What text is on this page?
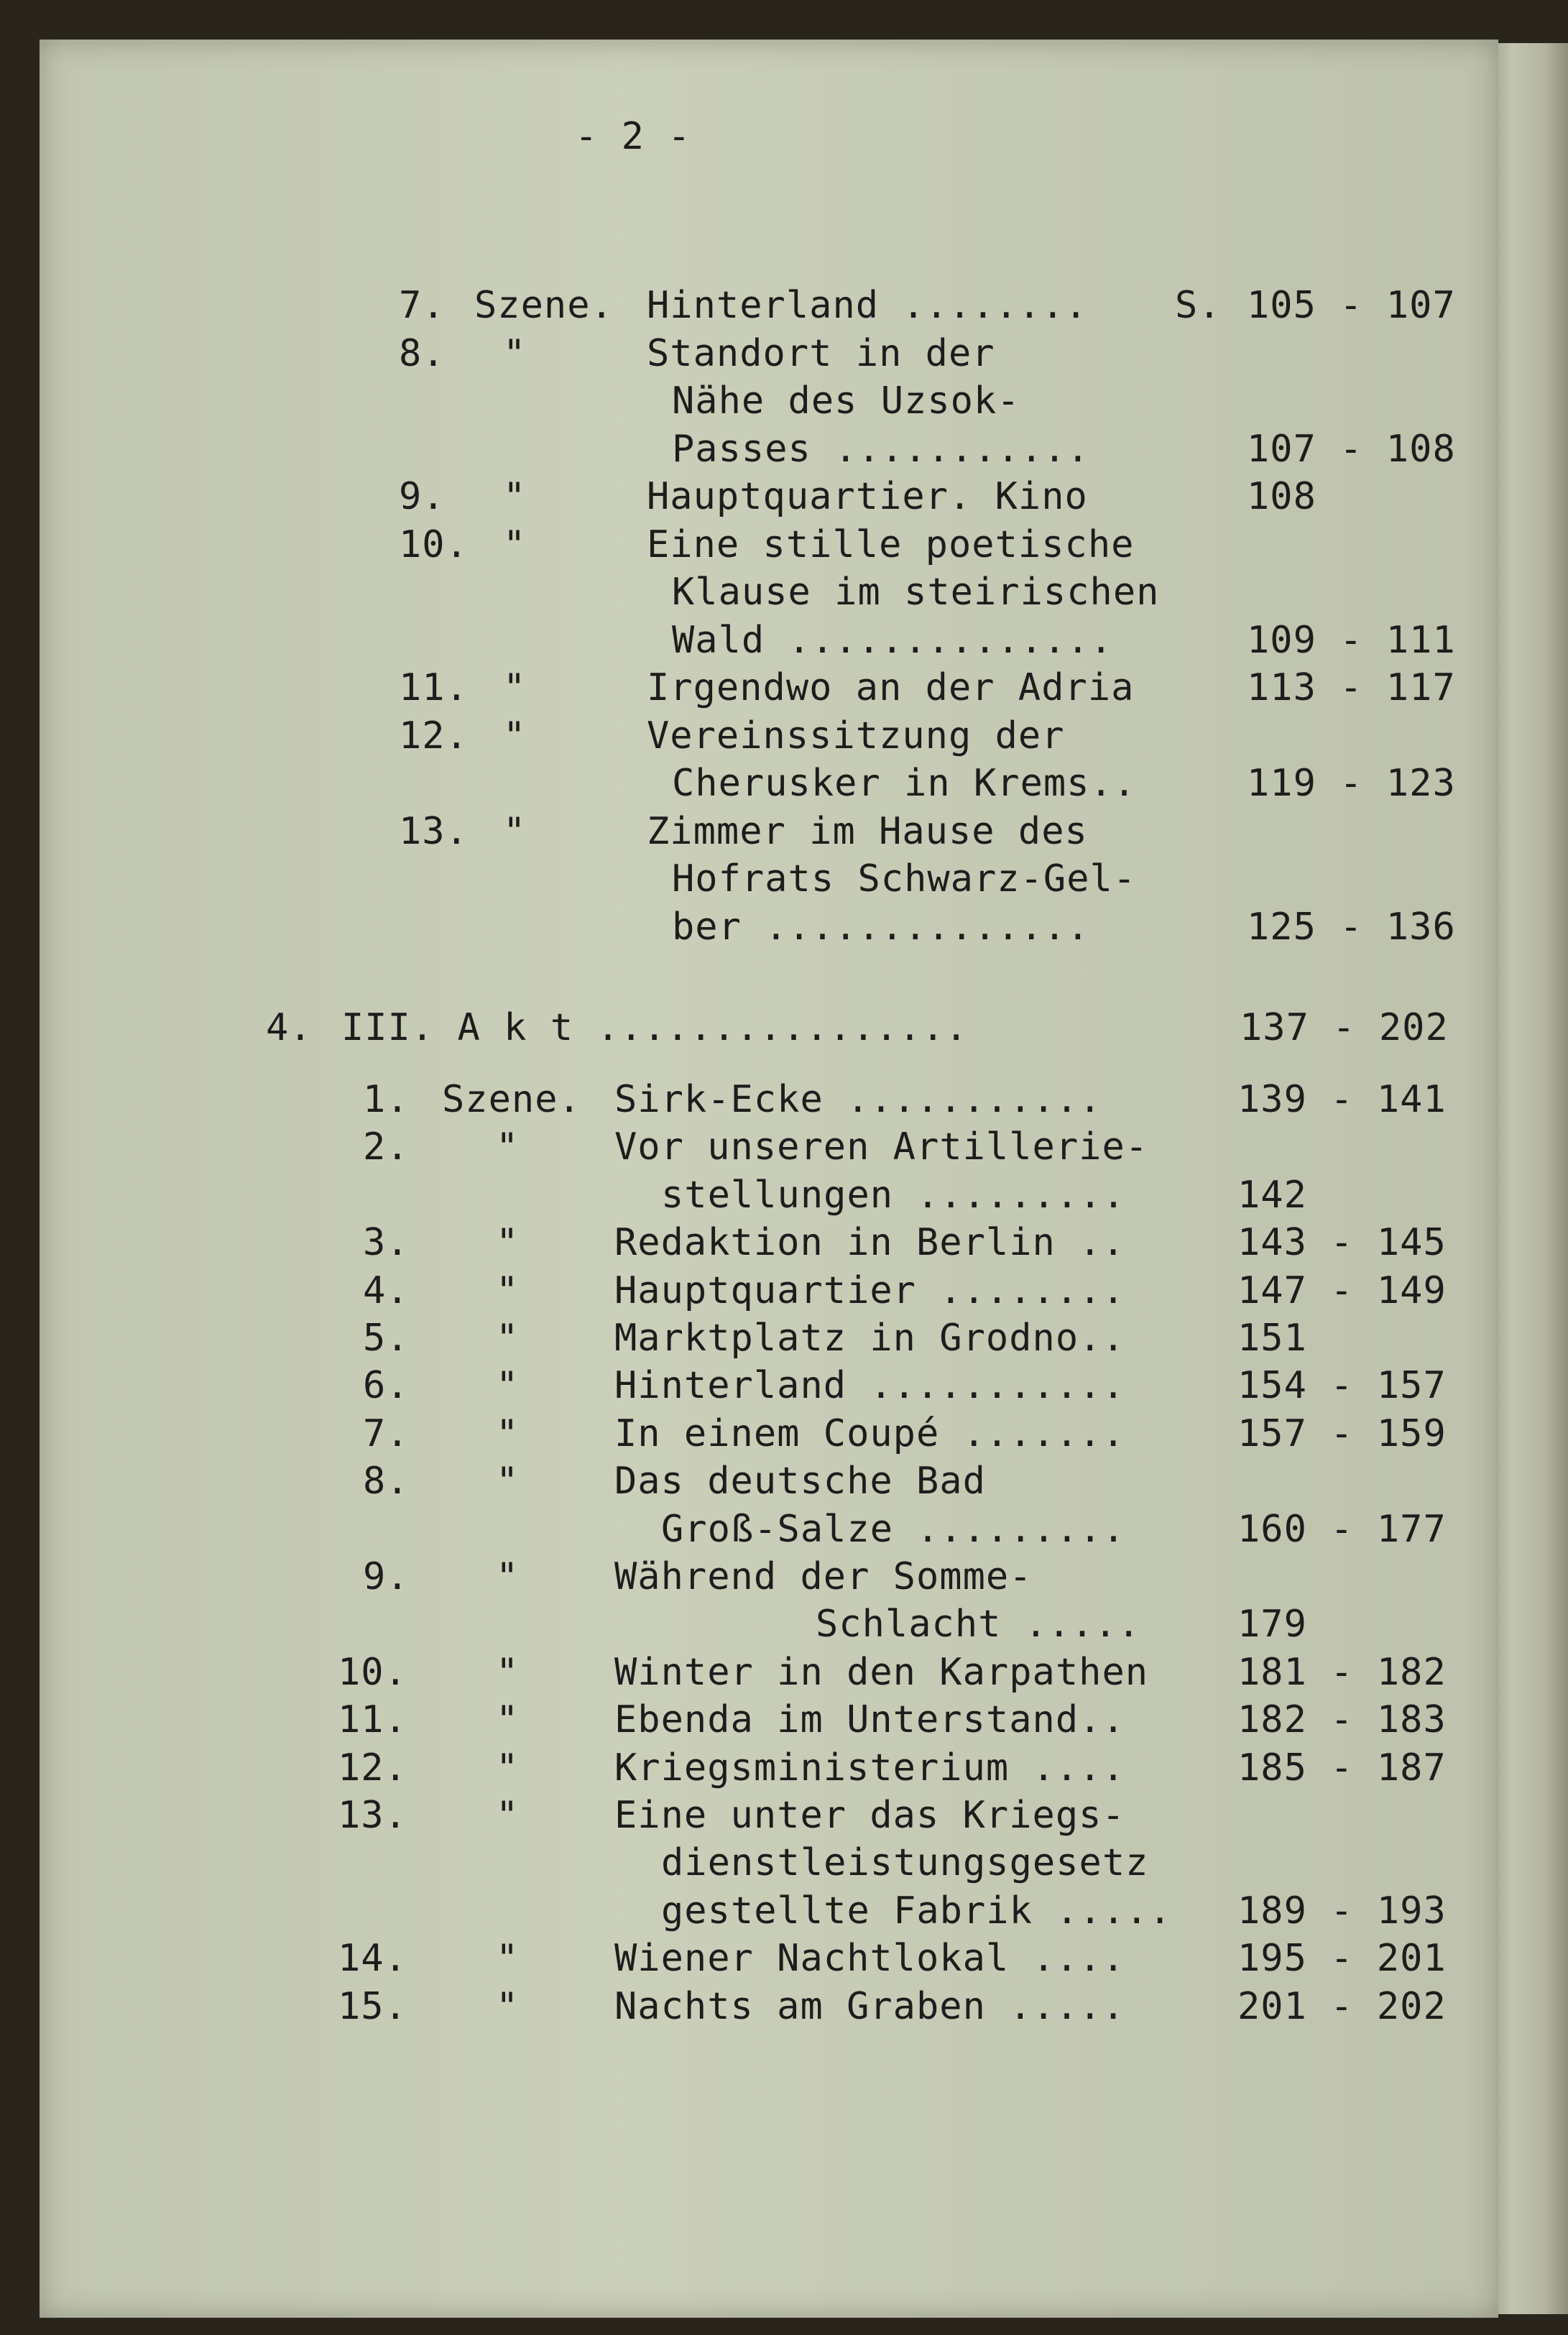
- 2 -
7. Szene. Hinterland ........ S. 105 - 107
8. "	Standort in der
Nähe des Uzsok-
Passes ...........	107 - 108
9. "	Hauptquartier. Kino	108
10. "	Eine stille poetische
Klause im steirischen
Wald ..............	109 - 111
11. "	Irgendwo an der Adria	113 - 117
12. "	Vereinssitzung der
Cherusker in Krems..	119 - 123
13. "	Zimmer im Hause des
Hofrats Schwarz-Gel-
ber ..............	125 - 136
4. III. A k t ................	137 - 202
1. Szene. Sirk-Ecke ...........	139 - 141
2. "	Vor unseren Artillerie-
stellungen .........	142
3. "	Redaktion in Berlin ..	143 - 145
4. "	Hauptquartier ........	147 - 149
5. "	Marktplatz in Grodno..	151
6. "	Hinterland ...........	154 - 157
7. "	In einem Coupé .......	157 - 159
8. "	Das deutsche Bad
Groß-Salze .........	160 - 177
9. "	Während der Somme-
Schlacht .....	179
10. "	Winter in den Karpathen 181 - 182
11. "	Ebenda im Unterstand..	182 - 183
12. "	Kriegsministerium ....	185 - 187
13. "	Eine unter das Kriegs-
dienstleistungsgesetz
gestellte Fabrik ..... 189 - 193
14. "	Wiener Nachtlokal ....	195 - 201
15. "	Nachts am Graben .....	201 - 202
